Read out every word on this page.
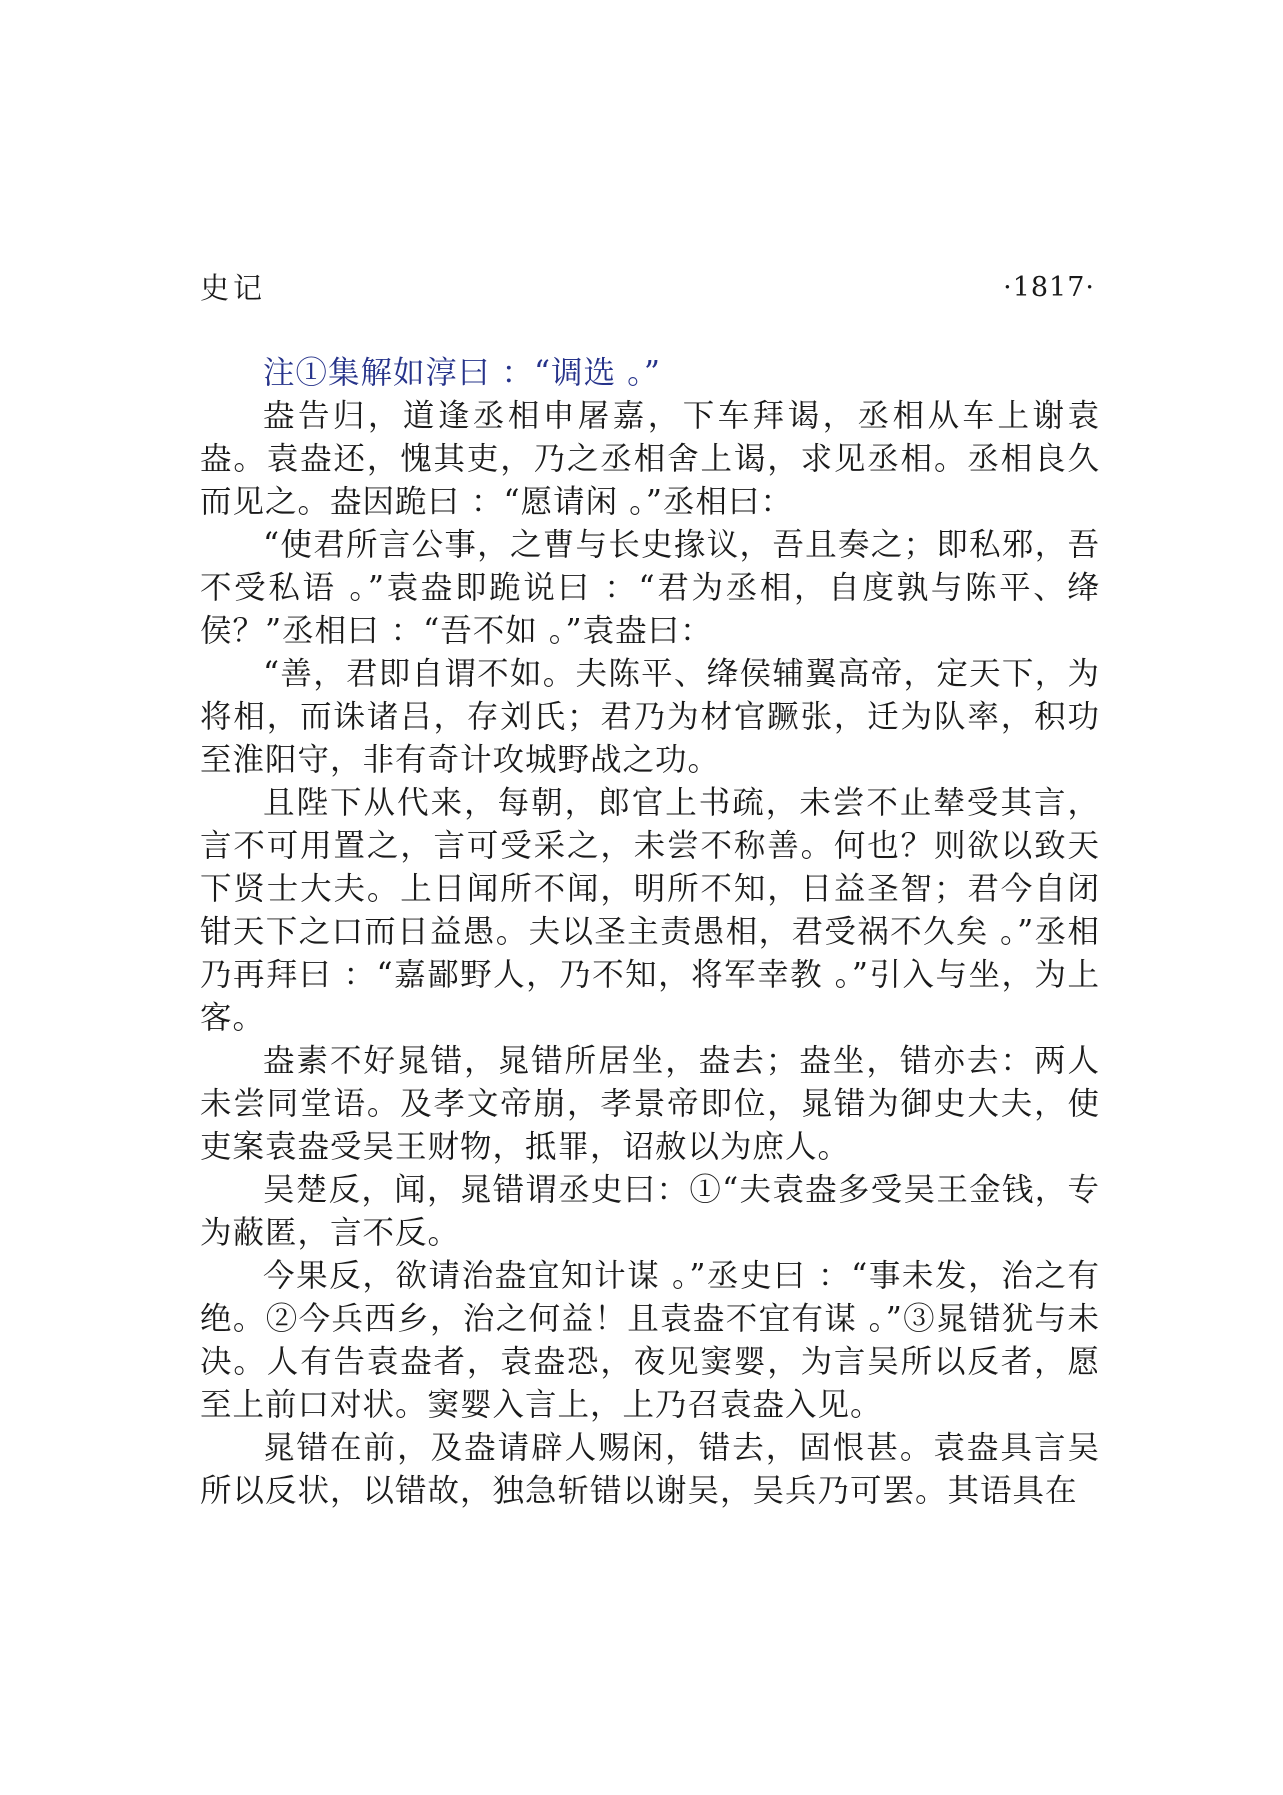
史记	·1817·

注①集解如淳曰 ：“调选 。”

盎告归，道逢丞相申屠嘉，下车拜谒，丞相从车上谢袁盎。袁盎还，愧其吏，乃之丞相舍上谒，求见丞相。丞相良久而见之。盎因跪曰 ：“愿请闲 。”丞相曰：

“使君所言公事，之曹与长史掾议，吾且奏之；即私邪，吾不受私语 。”袁盎即跪说曰 ：“君为丞相，自度孰与陈平、绛侯？”丞相曰 ：“吾不如 。”袁盎曰：

“善，君即自谓不如。夫陈平、绛侯辅翼高帝，定天下，为将相，而诛诸吕，存刘氏；君乃为材官蹶张，迁为队率，积功至淮阳守，非有奇计攻城野战之功。

且陛下从代来，每朝，郎官上书疏，未尝不止辇受其言，言不可用置之，言可受采之，未尝不称善。何也？则欲以致天下贤士大夫。上日闻所不闻，明所不知，日益圣智；君今自闭钳天下之口而日益愚。夫以圣主责愚相，君受祸不久矣 。”丞相乃再拜曰 ：“嘉鄙野人，乃不知，将军幸教 。”引入与坐，为上客。

盎素不好晁错，晁错所居坐，盎去；盎坐，错亦去：两人未尝同堂语。及孝文帝崩，孝景帝即位，晁错为御史大夫，使吏案袁盎受吴王财物，抵罪，诏赦以为庶人。

吴楚反，闻，晁错谓丞史曰：①“夫袁盎多受吴王金钱，专为蔽匿，言不反。

今果反，欲请治盎宜知计谋 。”丞史曰 ：“事未发，治之有绝。②今兵西乡，治之何益！且袁盎不宜有谋 。”③晁错犹与未决。人有告袁盎者，袁盎恐，夜见窦婴，为言吴所以反者，愿至上前口对状。窦婴入言上，上乃召袁盎入见。

晁错在前，及盎请辟人赐闲，错去，固恨甚。袁盎具言吴所以反状，以错故，独急斩错以谢吴，吴兵乃可罢。其语具在
